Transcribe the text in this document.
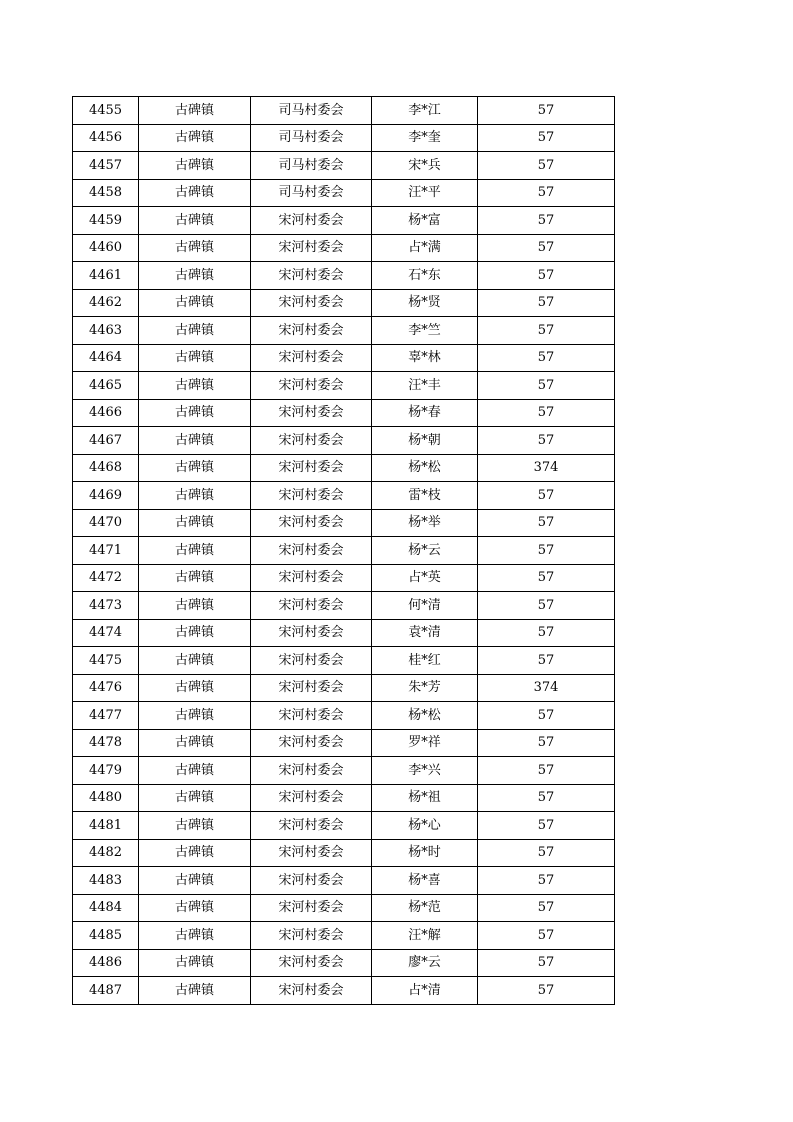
4455	古碑镇	司马村委会	李*江	57
4456	古碑镇	司马村委会	李*奎	57
4457	古碑镇	司马村委会	宋*兵	57
4458	古碑镇	司马村委会	汪*平	57
4459	古碑镇	宋河村委会	杨*富	57
4460	古碑镇	宋河村委会	占*满	57
4461	古碑镇	宋河村委会	石*东	57
4462	古碑镇	宋河村委会	杨*贤	57
4463	古碑镇	宋河村委会	李*竺	57
4464	古碑镇	宋河村委会	辜*林	57
4465	古碑镇	宋河村委会	汪*丰	57
4466	古碑镇	宋河村委会	杨*春	57
4467	古碑镇	宋河村委会	杨*朝	57
4468	古碑镇	宋河村委会	杨*松	374
4469	古碑镇	宋河村委会	雷*枝	57
4470	古碑镇	宋河村委会	杨*举	57
4471	古碑镇	宋河村委会	杨*云	57
4472	古碑镇	宋河村委会	占*英	57
4473	古碑镇	宋河村委会	何*清	57
4474	古碑镇	宋河村委会	袁*清	57
4475	古碑镇	宋河村委会	桂*红	57
4476	古碑镇	宋河村委会	朱*芳	374
4477	古碑镇	宋河村委会	杨*松	57
4478	古碑镇	宋河村委会	罗*祥	57
4479	古碑镇	宋河村委会	李*兴	57
4480	古碑镇	宋河村委会	杨*祖	57
4481	古碑镇	宋河村委会	杨*心	57
4482	古碑镇	宋河村委会	杨*时	57
4483	古碑镇	宋河村委会	杨*喜	57
4484	古碑镇	宋河村委会	杨*范	57
4485	古碑镇	宋河村委会	汪*解	57
4486	古碑镇	宋河村委会	廖*云	57
4487	古碑镇	宋河村委会	占*清	57
